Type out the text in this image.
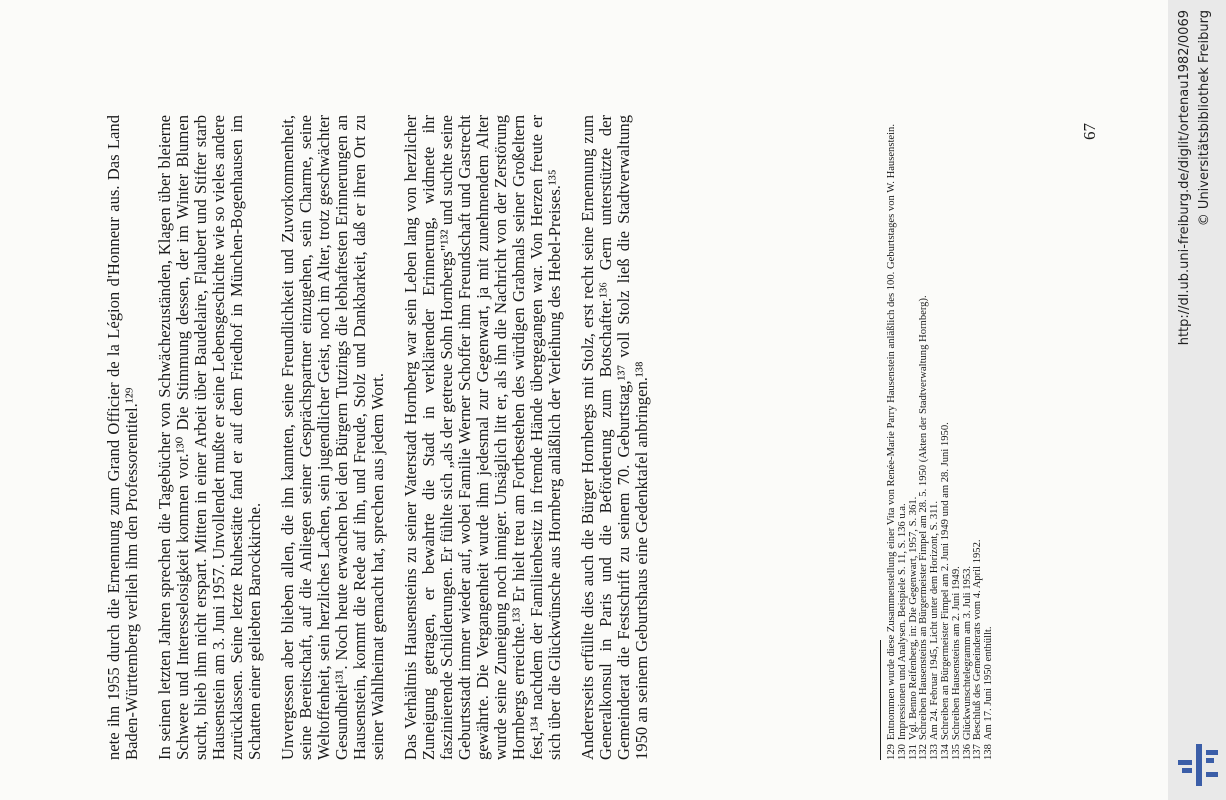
nete ihn 1955 durch die Ernennung zum Grand Officier de la Légion d'Honneur aus. Das Land Baden-Württemberg verlieh ihm den Professorentitel.¹²⁹ In seinen letzten Jahren sprechen die Tagebücher von Schwächezuständen, Klagen über bleierne Schwere und Interesselosigkeit kommen vor.¹³⁰ Die Stimmung dessen, der im Winter Blumen sucht, blieb ihm nicht erspart. Mitten in einer Arbeit über Baudelaire, Flaubert und Stifter starb Hausenstein am 3. Juni 1957. Unvollendet mußte er seine Lebensgeschichte wie so vieles andere zurücklassen. Seine letzte Ruhestätte fand er auf dem Friedhof in München-Bogenhausen im Schatten einer geliebten Barockkirche. Unvergessen aber blieben allen, die ihn kannten, seine Freundlichkeit und Zuvorkommenheit, seine Bereitschaft, auf die Anliegen seiner Gesprächspartner einzugehen, sein Charme, seine Weltoffenheit, sein herzliches Lachen, sein jugendlicher Geist, noch im Alter, trotz geschwächter Gesundheit¹³¹. Noch heute erwachen bei den Bürgern Tutzings die lebhaftesten Erinnerungen an Hausenstein, kommt die Rede auf ihn, und Freude, Stolz und Dankbarkeit, daß er ihren Ort zu seiner Wahlheimat gemacht hat, sprechen aus jedem Wort. Das Verhältnis Hausensteins zu seiner Vaterstadt Hornberg war sein Leben lang von herzlicher Zuneigung getragen, er bewahrte die Stadt in verklärender Erinnerung, widmete ihr faszinierende Schilderungen. Er fühlte sich „als der getreue Sohn Hornbergs"¹³² und suchte seine Geburtsstadt immer wieder auf, wobei Familie Werner Schoffer ihm Freundschaft und Gastrecht gewährte. Die Vergangenheit wurde ihm jedesmal zur Gegenwart, ja mit zunehmendem Alter wurde seine Zuneigung noch inniger. Unsäglich litt er, als ihn die Nachricht von der Zerstörung Hornbergs erreichte.¹³³ Er hielt treu am Fortbestehen des würdigen Grabmals seiner Großeltern fest,¹³⁴ nachdem der Familienbesitz in fremde Hände übergegangen war. Von Herzen freute er sich über die Glückwünsche aus Hornberg anläßlich der Verleihung des Hebel-Preises.¹³⁵ Andererseits erfüllte dies auch die Bürger Hornbergs mit Stolz, erst recht seine Ernennung zum Generalkonsul in Paris und die Beförderung zum Botschafter.¹³⁶ Gern unterstützte der Gemeinderat die Festschrift zu seinem 70. Geburtstag,¹³⁷ voll Stolz ließ die Stadtverwaltung 1950 an seinem Geburtshaus eine Gedenktafel anbringen.¹³⁸	129
Entnommen wurde diese Zusammenstellung einer Vita von Renée-Marie Parry Hausenstein anläßlich des 100. Geburtstages von W. Hausenstein.
130
Impressionen und Analysen. Beispiele S. 11, S. 136 u.a.
131
Vgl. Benno Reifenberg, in: Die Gegenwart, 1957, S. 361.
132
Schreiben Hausensteins an Bürgermeister Fimpel am 28. 5. 1950 (Akten der Stadtverwaltung Hornberg).
133
Am 24. Februar 1945, Licht unter dem Horizont, S. 311.
134
Schreiben an Bürgermeister Fimpel am 2. Juni 1949 und am 28. Juni 1950.
135
Schreiben Hausensteins am 2. Juni 1949.
136
Glückwunschtelegramm am 3. Juli 1953.
137
Beschluß des Gemeinderats vom 4. April 1952.
138
Am 17. Juni 1950 enthüllt.
67	http://dl.ub.uni-freiburg.de/diglit/ortenau1982/0069 © Universitätsbibliothek Freiburg
